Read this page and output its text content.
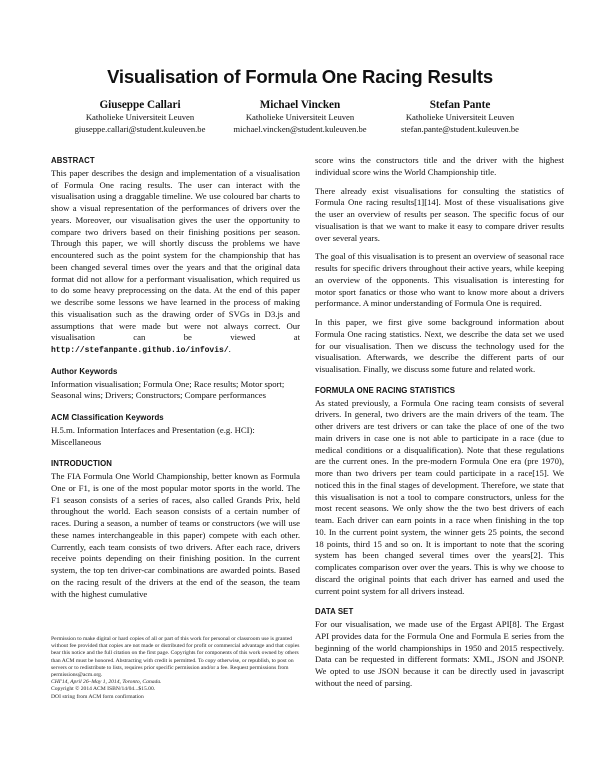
Visualisation of Formula One Racing Results
Giuseppe Callari
Katholieke Universiteit Leuven
giuseppe.callari@student.kuleuven.be
Michael Vincken
Katholieke Universiteit Leuven
michael.vincken@student.kuleuven.be
Stefan Pante
Katholieke Universiteit Leuven
stefan.pante@student.kuleuven.be
ABSTRACT

This paper describes the design and implementation of a visualisation of Formula One racing results. The user can interact with the visualisation using a draggable timeline. We use coloured bar charts to show a visual representation of the performances of drivers over the years. Moreover, our visualisation gives the user the opportunity to compare two drivers based on their finishing positions per season. Through this paper, we will shortly discuss the problems we have encountered such as the point system for the championship that has been changed several times over the years and that the original data format did not allow for a performant visualisation, which required us to do some heavy preprocessing on the data. At the end of this paper we describe some lessons we have learned in the process of making this visualisation such as the drawing order of SVGs in D3.js and assumptions that were made but were not always correct. Our visualisation can be viewed at http://stefanpante.github.io/infovis/.

Author Keywords

Information visualisation; Formula One; Race results; Motor sport; Seasonal wins; Drivers; Constructors; Compare performances

ACM Classification Keywords

H.5.m. Information Interfaces and Presentation (e.g. HCI): Miscellaneous

INTRODUCTION

The FIA Formula One World Championship, better known as Formula One or F1, is one of the most popular motor sports in the world. The F1 season consists of a series of races, also called Grands Prix, held throughout the world. Each season consists of a certain number of races. During a season, a number of teams or constructors (we will use these names interchangeable in this paper) compete with each other. Currently, each team consists of two drivers. After each race, drivers receive points depending on their finishing position. In the current system, the top ten driver-car combinations are awarded points. Based on the racing result of the drivers at the end of the season, the team with the highest cumulative

score wins the constructors title and the driver with the highest individual score wins the World Championship title.

There already exist visualisations for consulting the statistics of Formula One racing results[1][14]. Most of these visualisations give the user an overview of results per season. The specific focus of our visualisation is that we want to make it easy to compare driver results over several years.

The goal of this visualisation is to present an overview of seasonal race results for specific drivers throughout their active years, while keeping an overview of the opponents. This visualisation is interesting for motor sport fanatics or those who want to know more about a drivers performance. A minor understanding of Formula One is required.

In this paper, we first give some background information about Formula One racing statistics. Next, we describe the data set we used for our visualisation. Then we discuss the technology used for the visualisation. Afterwards, we describe the different parts of our visualisation. Finally, we discuss some future and related work.

FORMULA ONE RACING STATISTICS

As stated previously, a Formula One racing team consists of several drivers. In general, two drivers are the main drivers of the team. The other drivers are test drivers or can take the place of one of the two main drivers in case one is not able to participate in a race (due to medical conditions or a disqualification). Note that these regulations are the current ones. In the pre-modern Formula One era (pre 1970), more than two drivers per team could participate in a race[15]. We noticed this in the final stages of development. Therefore, we state that this visualisation is not a tool to compare constructors, unless for the most recent seasons. We only show the the two best drivers of each team. Each driver can earn points in a race when finishing in the top 10. In the current point system, the winner gets 25 points, the second 18 points, third 15 and so on. It is important to note that the scoring system has been changed several times over the years[2]. This complicates comparison over over the years. This is why we choose to discard the original points that each driver has earned and used the current point system for all drivers instead.

DATA SET

For our visualisation, we made use of the Ergast API[8]. The Ergast API provides data for the Formula One and Formula E series from the beginning of the world championships in 1950 and 2015 respectively. Data can be requested in different formats: XML, JSON and JSONP. We opted to use JSON because it can be directly used in javascript without the need of parsing.

Permission to make digital or hard copies of all or part of this work for personal or classroom use is granted without fee provided that copies are not made or distributed for profit or commercial advantage and that copies bear this notice and the full citation on the first page. Copyrights for components of this work owned by others than ACM must be honored. Abstracting with credit is permitted. To copy otherwise, or republish, to post on servers or to redistribute to lists, requires prior specific permission and/or a fee. Request permissions from permissions@acm.org.
CHI'14, April 26–May 1, 2014, Toronto, Canada.
Copyright © 2014 ACM ISBN/14/04...$15.00.
DOI string from ACM form confirmation
